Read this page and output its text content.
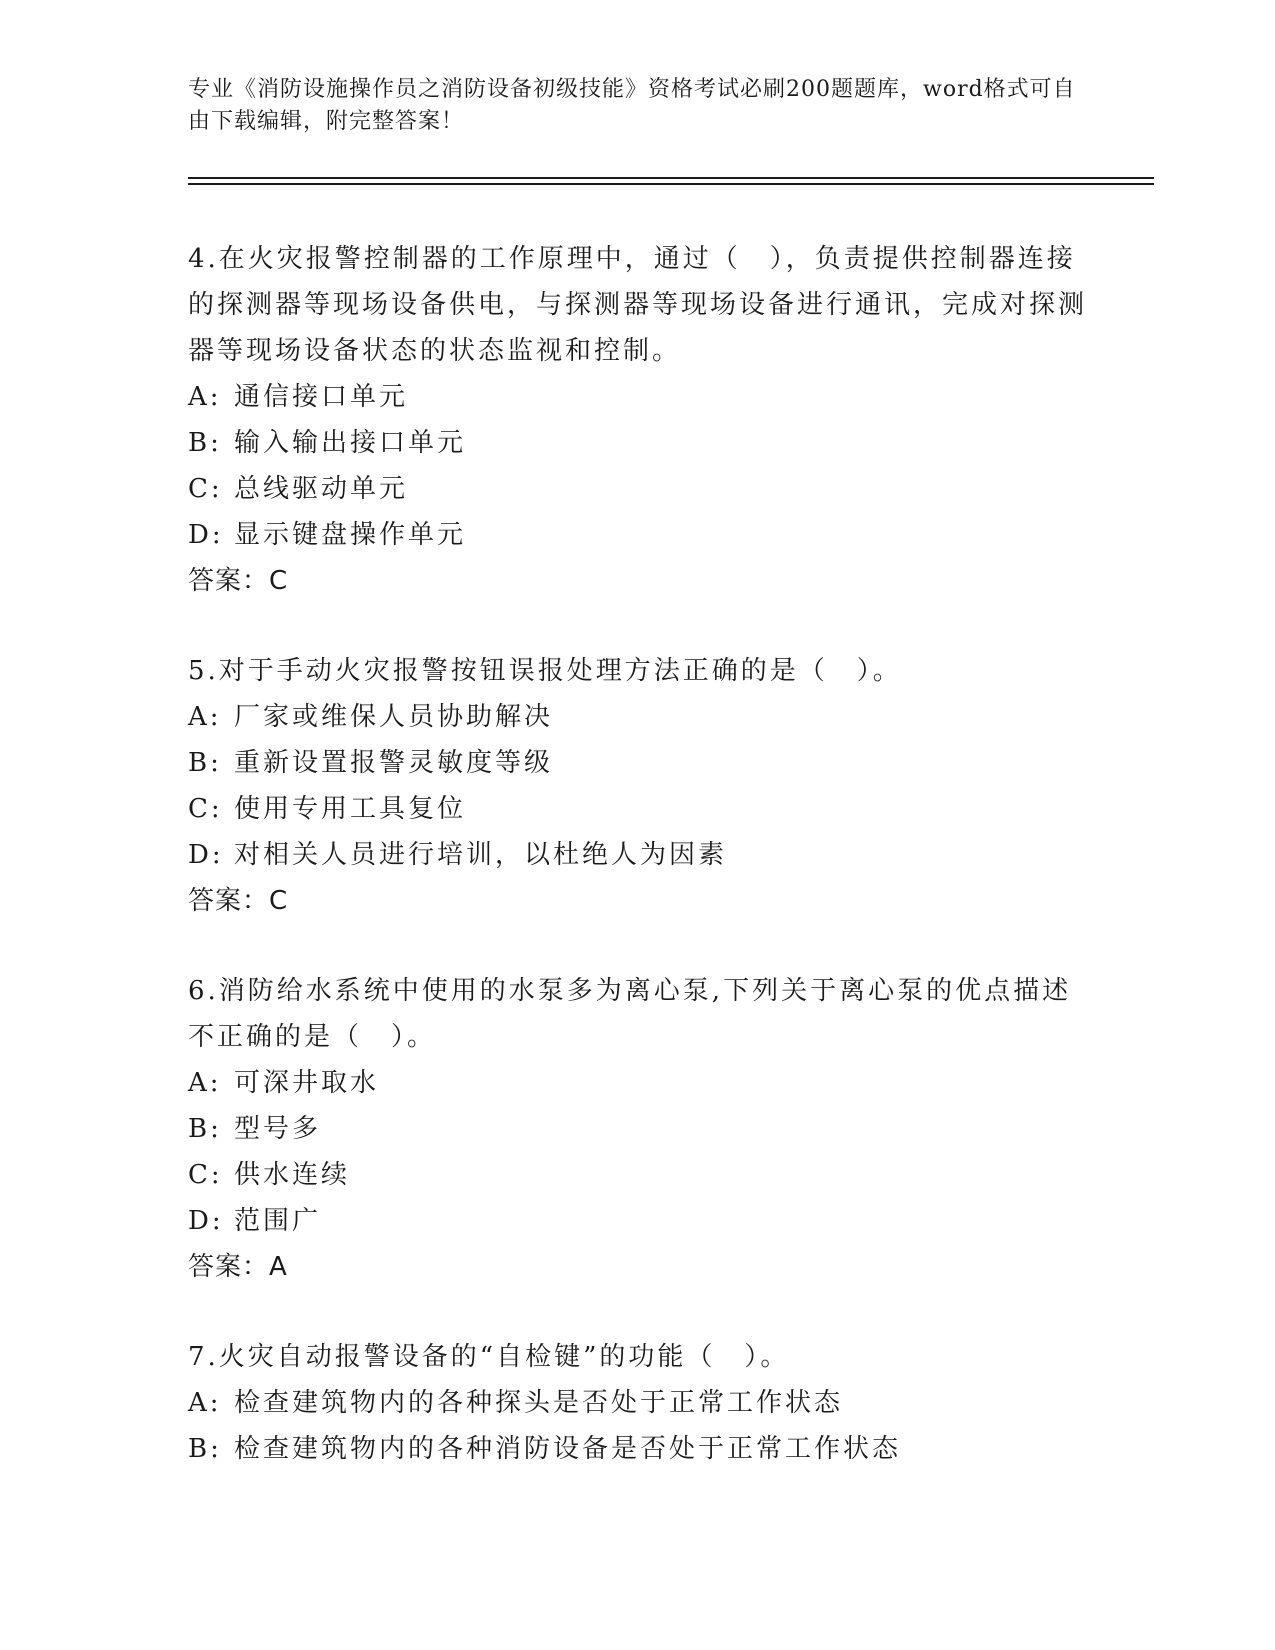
专业《消防设施操作员之消防设备初级技能》资格考试必刷200题题库，word格式可自由下载编辑，附完整答案！
4.在火灾报警控制器的工作原理中，通过（　），负责提供控制器连接的探测器等现场设备供电，与探测器等现场设备进行通讯，完成对探测器等现场设备状态的状态监视和控制。
A: 通信接口单元
B: 输入输出接口单元
C: 总线驱动单元
D: 显示键盘操作单元
答案：C
5.对于手动火灾报警按钮误报处理方法正确的是（　）。
A: 厂家或维保人员协助解决
B: 重新设置报警灵敏度等级
C: 使用专用工具复位
D: 对相关人员进行培训，以杜绝人为因素
答案：C
6.消防给水系统中使用的水泵多为离心泵,下列关于离心泵的优点描述不正确的是（　）。
A: 可深井取水
B: 型号多
C: 供水连续
D: 范围广
答案：A
7.火灾自动报警设备的“自检键”的功能（　）。
A: 检查建筑物内的各种探头是否处于正常工作状态
B: 检查建筑物内的各种消防设备是否处于正常工作状态
